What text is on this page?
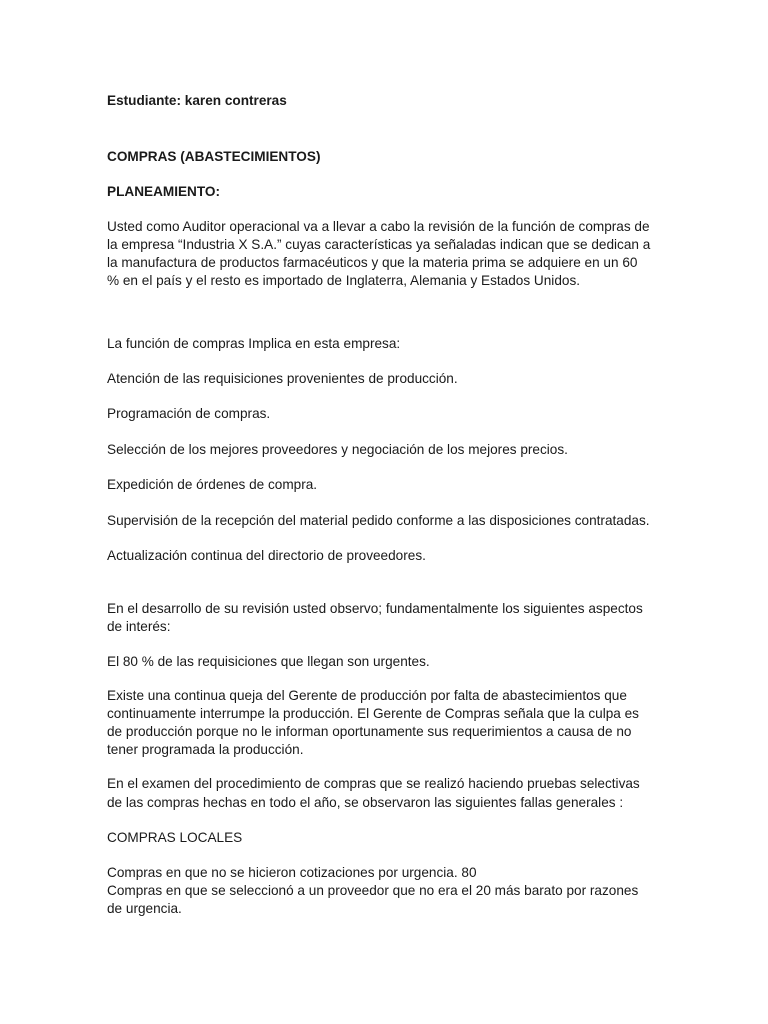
Estudiante: karen contreras
COMPRAS (ABASTECIMIENTOS)
PLANEAMIENTO:
Usted como Auditor operacional va a llevar a cabo la revisión de la función de compras de
la empresa “Industria X S.A.” cuyas características ya señaladas indican que se dedican a
la manufactura de productos farmacéuticos y que la materia prima se adquiere en un 60
% en el país y el resto es importado de Inglaterra, Alemania y Estados Unidos.
La función de compras Implica en esta empresa:
Atención de las requisiciones provenientes de producción.
Programación de compras.
Selección de los mejores proveedores y negociación de los mejores precios.
Expedición de órdenes de compra.
Supervisión de la recepción del material pedido conforme a las disposiciones contratadas.
Actualización continua del directorio de proveedores.
En el desarrollo de su revisión usted observo; fundamentalmente los siguientes aspectos
de interés:
El 80 % de las requisiciones que llegan son urgentes.
Existe una continua queja del Gerente de producción por falta de abastecimientos que
continuamente interrumpe la producción. El Gerente de Compras señala que la culpa es
de producción porque no le informan oportunamente sus requerimientos a causa de no
tener programada la producción.
En el examen del procedimiento de compras que se realizó haciendo pruebas selectivas
de las compras hechas en todo el año, se observaron las siguientes fallas generales :
COMPRAS LOCALES
Compras en que no se hicieron cotizaciones por urgencia. 80
Compras en que se seleccionó a un proveedor que no era el 20 más barato por razones
de urgencia.
